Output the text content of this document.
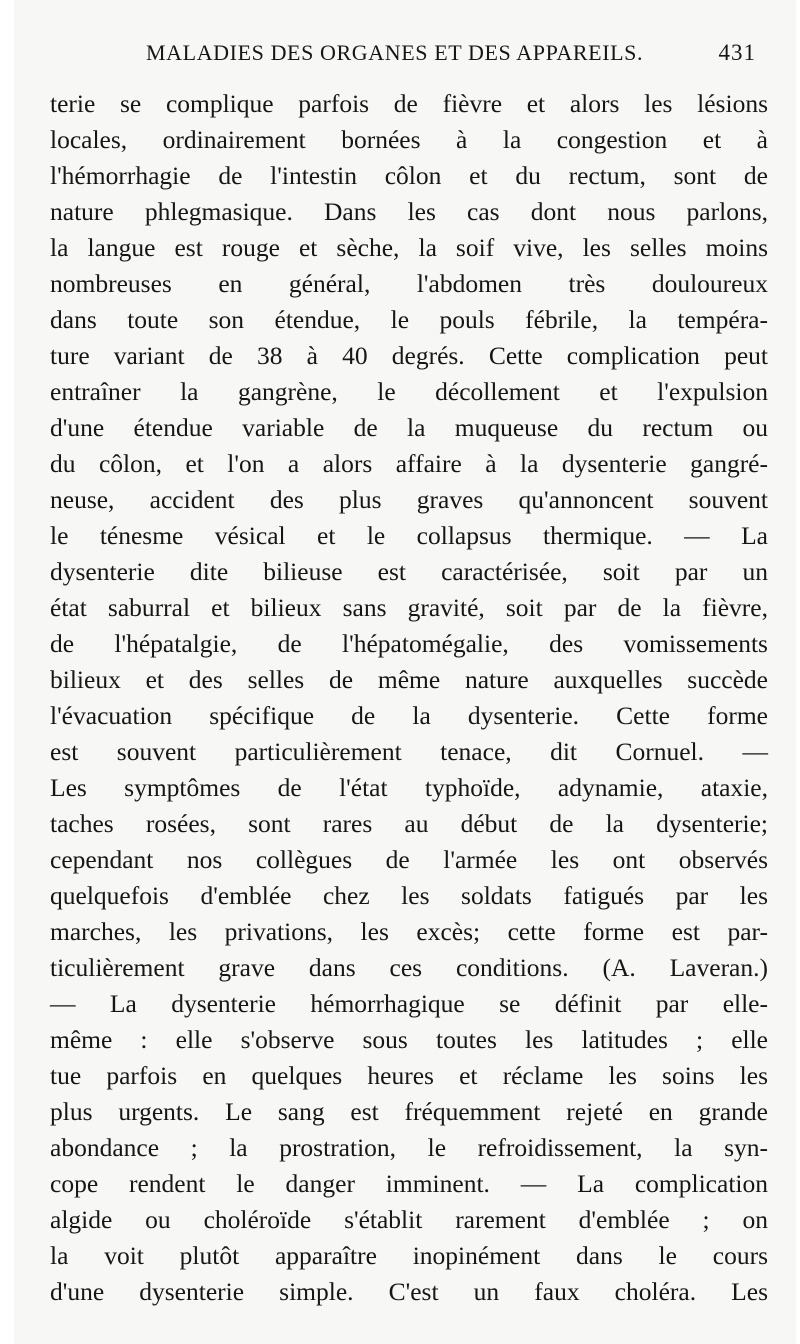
MALADIES DES ORGANES ET DES APPAREILS.	431
terie se complique parfois de fièvre et alors les lésions
locales, ordinairement bornées à la congestion et à
l'hémorrhagie de l'intestin côlon et du rectum, sont de
nature phlegmasique. Dans les cas dont nous parlons,
la langue est rouge et sèche, la soif vive, les selles moins
nombreuses en général, l'abdomen très douloureux
dans toute son étendue, le pouls fébrile, la tempéra-
ture variant de 38 à 40 degrés. Cette complication peut
entraîner la gangrène, le décollement et l'expulsion
d'une étendue variable de la muqueuse du rectum ou
du côlon, et l'on a alors affaire à la dysenterie gangré-
neuse, accident des plus graves qu'annoncent souvent
le ténesme vésical et le collapsus thermique. — La
dysenterie dite bilieuse est caractérisée, soit par un
état saburral et bilieux sans gravité, soit par de la fièvre,
de l'hépatalgie, de l'hépatomégalie, des vomissements
bilieux et des selles de même nature auxquelles succède
l'évacuation spécifique de la dysenterie. Cette forme
est souvent particulièrement tenace, dit Cornuel. —
Les symptômes de l'état typhoïde, adynamie, ataxie,
taches rosées, sont rares au début de la dysenterie;
cependant nos collègues de l'armée les ont observés
quelquefois d'emblée chez les soldats fatigués par les
marches, les privations, les excès; cette forme est par-
ticulièrement grave dans ces conditions. (A. Laveran.)
— La dysenterie hémorrhagique se définit par elle-
même : elle s'observe sous toutes les latitudes ; elle
tue parfois en quelques heures et réclame les soins les
plus urgents. Le sang est fréquemment rejeté en grande
abondance ; la prostration, le refroidissement, la syn-
cope rendent le danger imminent. — La complication
algide ou choléroïde s'établit rarement d'emblée ; on
la voit plutôt apparaître inopinément dans le cours
d'une dysenterie simple. C'est un faux choléra. Les
